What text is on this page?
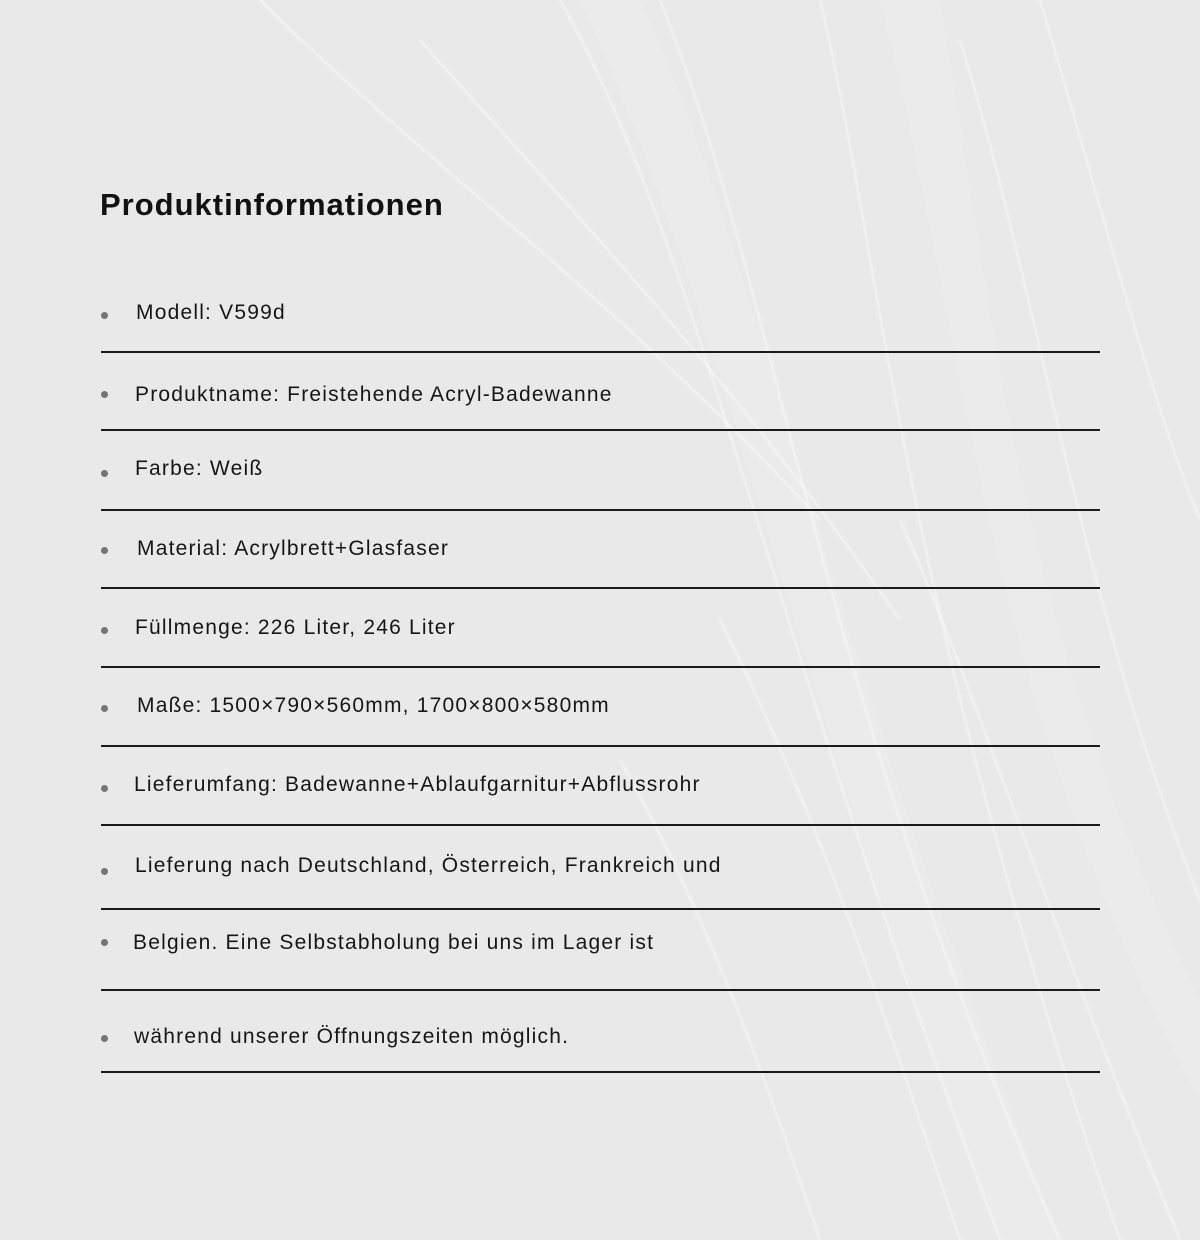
Produktinformationen
Modell: V599d
Produktname: Freistehende Acryl-Badewanne
Farbe: Weiß
Material: Acrylbrett+Glasfaser
Füllmenge: 226 Liter, 246 Liter
Maße: 1500×790×560mm, 1700×800×580mm
Lieferumfang: Badewanne+Ablaufgarnitur+Abflussrohr
Lieferung nach Deutschland, Österreich, Frankreich und
Belgien. Eine Selbstabholung bei uns im Lager ist
während unserer Öffnungszeiten möglich.
